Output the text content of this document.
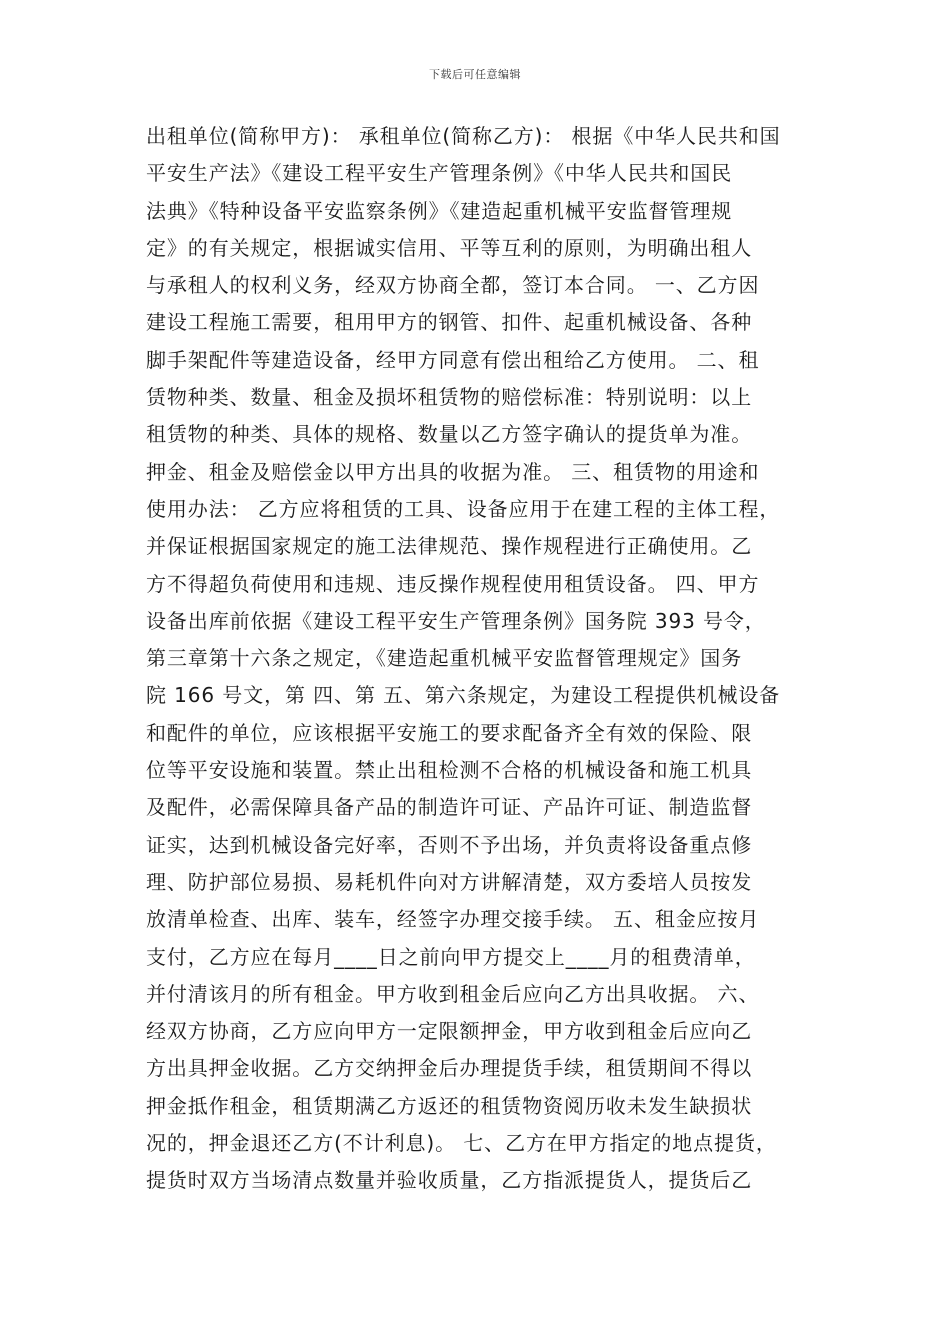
下载后可任意编辑
出租单位(简称甲方)： 承租单位(简称乙方)： 根据《中华人民共和国
平安生产法》《建设工程平安生产管理条例》《中华人民共和国民
法典》《特种设备平安监察条例》《建造起重机械平安监督管理规
定》的有关规定，根据诚实信用、平等互利的原则，为明确出租人
与承租人的权利义务，经双方协商全都，签订本合同。 一、乙方因
建设工程施工需要，租用甲方的钢管、扣件、起重机械设备、各种
脚手架配件等建造设备，经甲方同意有偿出租给乙方使用。 二、租
赁物种类、数量、租金及损坏租赁物的赔偿标准：特别说明：以上
租赁物的种类、具体的规格、数量以乙方签字确认的提货单为准。
押金、租金及赔偿金以甲方出具的收据为准。 三、租赁物的用途和
使用办法： 乙方应将租赁的工具、设备应用于在建工程的主体工程，
并保证根据国家规定的施工法律规范、操作规程进行正确使用。乙
方不得超负荷使用和违规、违反操作规程使用租赁设备。 四、甲方
设备出库前依据《建设工程平安生产管理条例》国务院 393 号令，
第三章第十六条之规定，《建造起重机械平安监督管理规定》国务
院 166 号文，第 四、第 五、第六条规定，为建设工程提供机械设备
和配件的单位，应该根据平安施工的要求配备齐全有效的保险、限
位等平安设施和装置。禁止出租检测不合格的机械设备和施工机具
及配件，必需保障具备产品的制造许可证、产品许可证、制造监督
证实，达到机械设备完好率，否则不予出场，并负责将设备重点修
理、防护部位易损、易耗机件向对方讲解清楚，双方委培人员按发
放清单检查、出库、装车，经签字办理交接手续。 五、租金应按月
支付，乙方应在每月____日之前向甲方提交上____月的租费清单，
并付清该月的所有租金。甲方收到租金后应向乙方出具收据。 六、
经双方协商，乙方应向甲方一定限额押金，甲方收到租金后应向乙
方出具押金收据。乙方交纳押金后办理提货手续，租赁期间不得以
押金抵作租金，租赁期满乙方返还的租赁物资阅历收未发生缺损状
况的，押金退还乙方(不计利息)。 七、乙方在甲方指定的地点提货，
提货时双方当场清点数量并验收质量，乙方指派提货人，提货后乙
